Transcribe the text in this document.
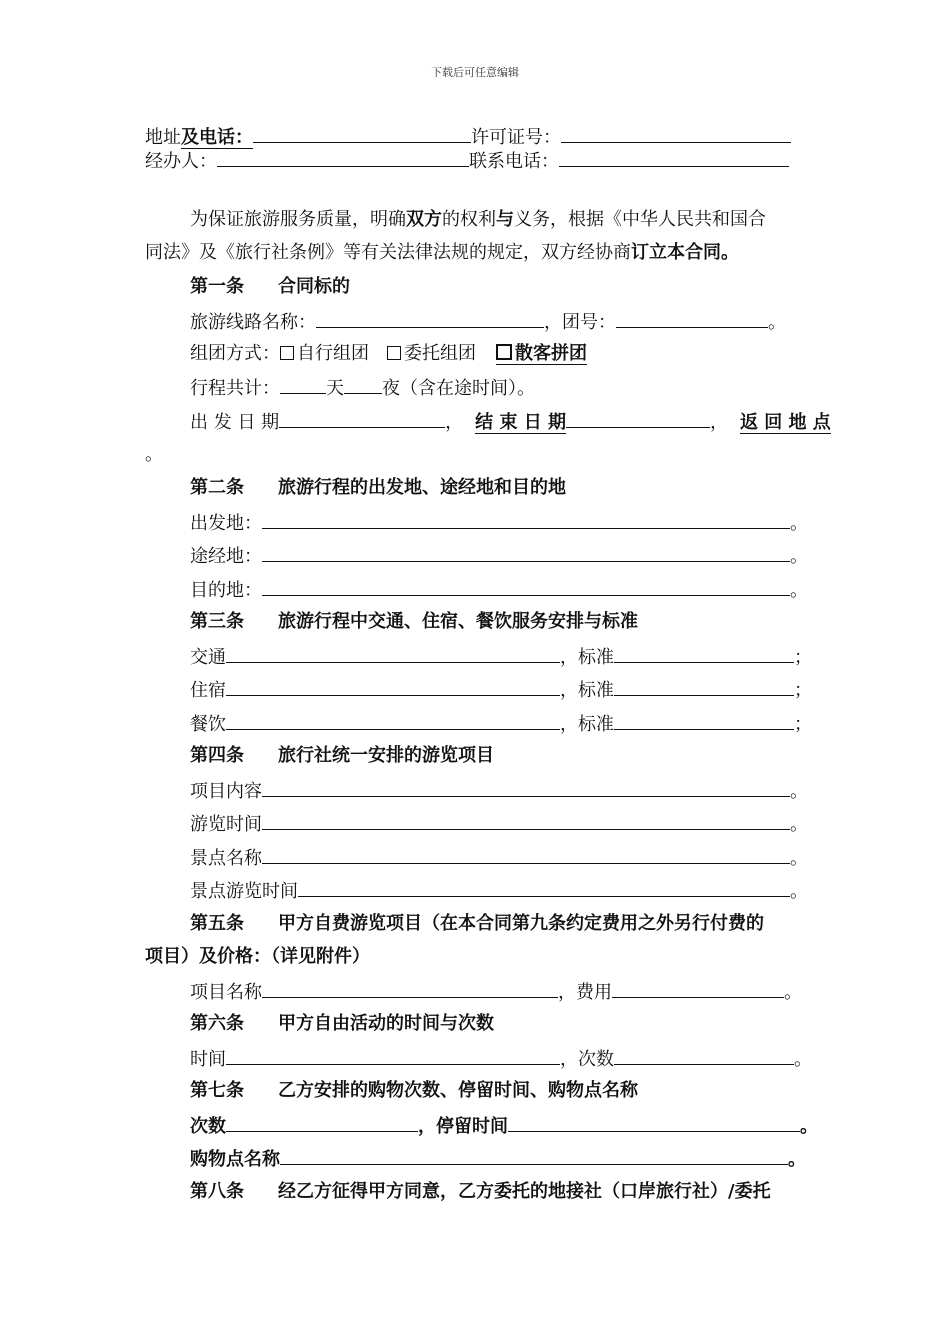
下载后可任意编辑
地址及电话：	许可证号：
经办人：	联系电话：
为保证旅游服务质量，明确双方的权利与义务，根据《中华人民共和国合
同法》及《旅行社条例》等有关法律法规的规定，双方经协商订立本合同。
第一条 合同标的
旅游线路名称：	，团号：	。
组团方式： 自行组团 委托组团 散客拼团
行程共计：	天 夜（含在途时间）。
出 发 日 期	， 结 束 日 期	， 返 回 地 点
。
第二条 旅游行程的出发地、途经地和目的地
出发地：	。
途经地：	。
目的地：	。
第三条 旅游行程中交通、住宿、餐饮服务安排与标准
交通	，标准	；
住宿	，标准	；
餐饮	，标准	；
第四条 旅行社统一安排的游览项目
项目内容	。
游览时间	。
景点名称	。
景点游览时间	。
第五条 甲方自费游览项目（在本合同第九条约定费用之外另行付费的
项目）及价格：（详见附件）
项目名称	，费用	。
第六条 甲方自由活动的时间与次数
时间	，次数	。
第七条 乙方安排的购物次数、停留时间、购物点名称
次数	，停留时间	。
购物点名称	。
第八条 经乙方征得甲方同意，乙方委托的地接社（口岸旅行社）/委托
